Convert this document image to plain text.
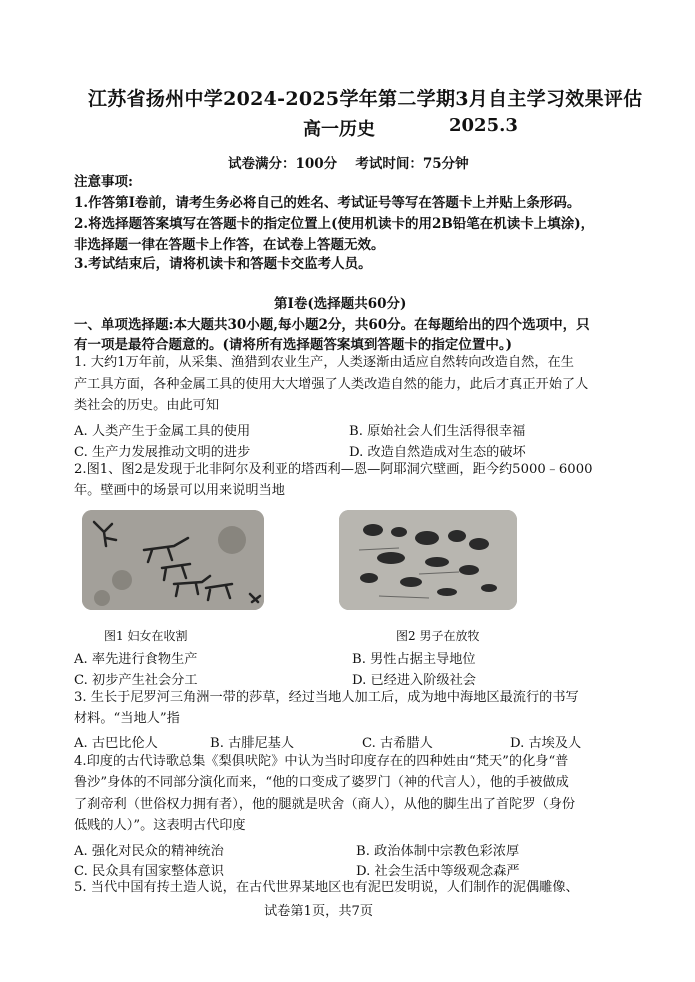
江苏省扬州中学2024-2025学年第二学期3月自主学习效果评估
高一历史	2025.3
试卷满分：100分　 考试时间：75分钟
注意事项:
1.作答第Ⅰ卷前，请考生务必将自己的姓名、考试证号等写在答题卡上并贴上条形码。
2.将选择题答案填写在答题卡的指定位置上(使用机读卡的用2B铅笔在机读卡上填涂)，
非选择题一律在答题卡上作答，在试卷上答题无效。
3.考试结束后，请将机读卡和答题卡交监考人员。
第Ⅰ卷(选择题共60分)
一、单项选择题:本大题共30小题,每小题2分，共60分。在每题给出的四个选项中，只
有一项是最符合题意的。(请将所有选择题答案填到答题卡的指定位置中。)
1. 大约1万年前，从采集、渔猎到农业生产，人类逐渐由适应自然转向改造自然，在生
产工具方面，各种金属工具的使用大大增强了人类改造自然的能力，此后才真正开始了人
类社会的历史。由此可知
A. 人类产生于金属工具的使用	B. 原始社会人们生活得很幸福
C. 生产力发展推动文明的进步	D. 改造自然造成对生态的破坏
2.图1、图2是发现于北非阿尔及利亚的塔西利—恩—阿耶洞穴壁画，距今约5000﹣6000
年。壁画中的场景可以用来说明当地
图1 妇女在收割	图2 男子在放牧
A. 率先进行食物生产	B. 男性占据主导地位
C. 初步产生社会分工	D. 已经进入阶级社会
3. 生长于尼罗河三角洲一带的莎草，经过当地人加工后，成为地中海地区最流行的书写
材料。“当地人”指
A. 古巴比伦人	B. 古腓尼基人	C. 古希腊人	D. 古埃及人
4.印度的古代诗歌总集《梨俱吠陀》中认为当时印度存在的四种姓由“梵天”的化身“普
鲁沙”身体的不同部分演化而来，“他的口变成了婆罗门（神的代言人），他的手被做成
了刹帝利（世俗权力拥有者），他的腿就是吠舍（商人），从他的脚生出了首陀罗（身份
低贱的人）”。这表明古代印度
A. 强化对民众的精神统治	B. 政治体制中宗教色彩浓厚
C. 民众具有国家整体意识	D. 社会生活中等级观念森严
5. 当代中国有抟土造人说，在古代世界某地区也有泥巴发明说，人们制作的泥偶雕像、
试卷第1页，共7页
